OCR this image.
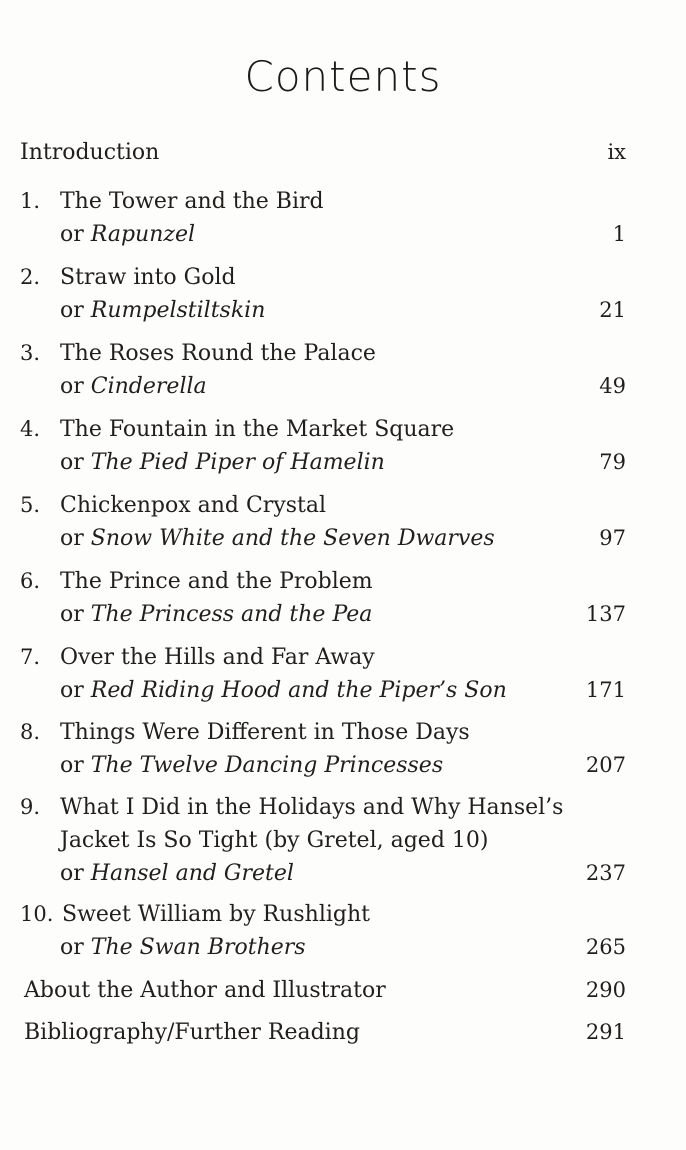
Contents
Introduction	ix
1. The Tower and the Bird
or Rapunzel	1
2. Straw into Gold
or Rumpelstiltskin	21
3. The Roses Round the Palace
or Cinderella	49
4. The Fountain in the Market Square
or The Pied Piper of Hamelin	79
5. Chickenpox and Crystal
or Snow White and the Seven Dwarves	97
6. The Prince and the Problem
or The Princess and the Pea	137
7. Over the Hills and Far Away
or Red Riding Hood and the Piper’s Son	171
8. Things Were Different in Those Days
or The Twelve Dancing Princesses	207
9. What I Did in the Holidays and Why Hansel’s
Jacket Is So Tight (by Gretel, aged 10)
or Hansel and Gretel	237
10. Sweet William by Rushlight
or The Swan Brothers	265
About the Author and Illustrator	290
Bibliography/Further Reading	291
